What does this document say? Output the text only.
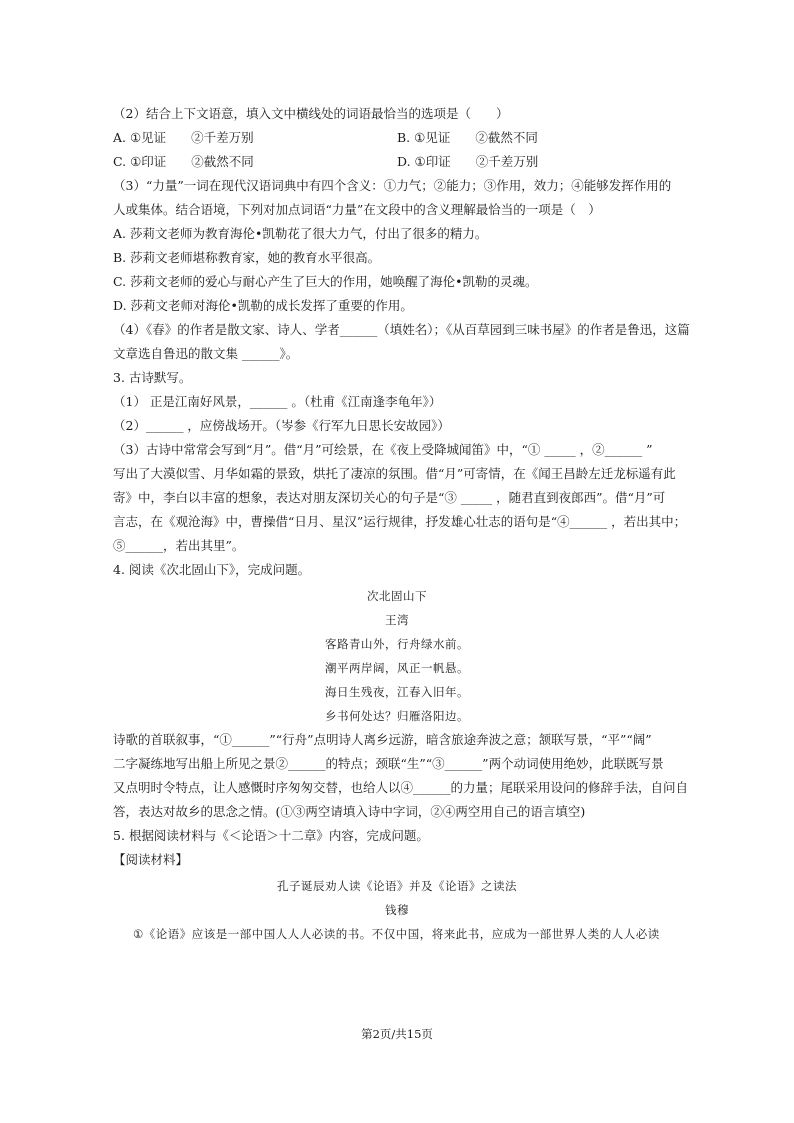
（2）结合上下文语意，填入文中横线处的词语最恰当的选项是（　　）
A. ①见证　　②千差万别	B. ①见证　　②截然不同
C. ①印证　　②截然不同	D. ①印证　　②千差万别
（3）“力量”一词在现代汉语词典中有四个含义：①力气；②能力；③作用，效力；④能够发挥作用的
人或集体。结合语境，下列对加点词语“力量”在文段中的含义理解最恰当的一项是（　）
A. 莎莉文老师为教育海伦•凯勒花了很大力气，付出了很多的精力。
B. 莎莉文老师堪称教育家，她的教育水平很高。
C. 莎莉文老师的爱心与耐心产生了巨大的作用，她唤醒了海伦•凯勒的灵魂。
D. 莎莉文老师对海伦•凯勒的成长发挥了重要的作用。
（4）《春》的作者是散文家、诗人、学者______（填姓名）；《从百草园到三味书屋》的作者是鲁迅，这篇
文章选自鲁迅的散文集 ______》。
3. 古诗默写。
（1） 正是江南好风景，______ 。（杜甫《江南逢李龟年》）
（2）______ ，应傍战场开。（岑参《行军九日思长安故园》）
（3）古诗中常常会写到“月”。借“月”可绘景，在《夜上受降城闻笛》中，“① _____ ，②______ ”
写出了大漠似雪、月华如霜的景致，烘托了凄凉的氛围。借“月”可寄情，在《闻王昌龄左迁龙标遥有此
寄》中，李白以丰富的想象，表达对朋友深切关心的句子是“③ _____ ，随君直到夜郎西”。借“月”可
言志，在《观沧海》中，曹操借“日月、星汉”运行规律，抒发雄心壮志的语句是“④______ ，若出其中；
⑤______，若出其里”。
4. 阅读《次北固山下》，完成问题。
次北固山下
王湾
客路青山外，行舟绿水前。
潮平两岸阔，风正一帆悬。
海日生残夜，江春入旧年。
乡书何处达？归雁洛阳边。
诗歌的首联叙事，“①______”“行舟”点明诗人离乡远游，暗含旅途奔波之意；颔联写景，“平”“阔”
二字凝练地写出船上所见之景②______的特点；颈联“生”“③______”两个动词使用绝妙，此联既写景
又点明时令特点，让人感慨时序匆匆交替，也给人以④______的力量；尾联采用设问的修辞手法，自问自
答，表达对故乡的思念之情。(①③两空请填入诗中字词，②④两空用自己的语言填空)
5. 根据阅读材料与《＜论语＞十二章》内容，完成问题。
【阅读材料】
孔子诞辰劝人读《论语》并及《论语》之读法
钱穆
①《论语》应该是一部中国人人人必读的书。不仅中国，将来此书，应成为一部世界人类的人人必读
第2页/共15页
